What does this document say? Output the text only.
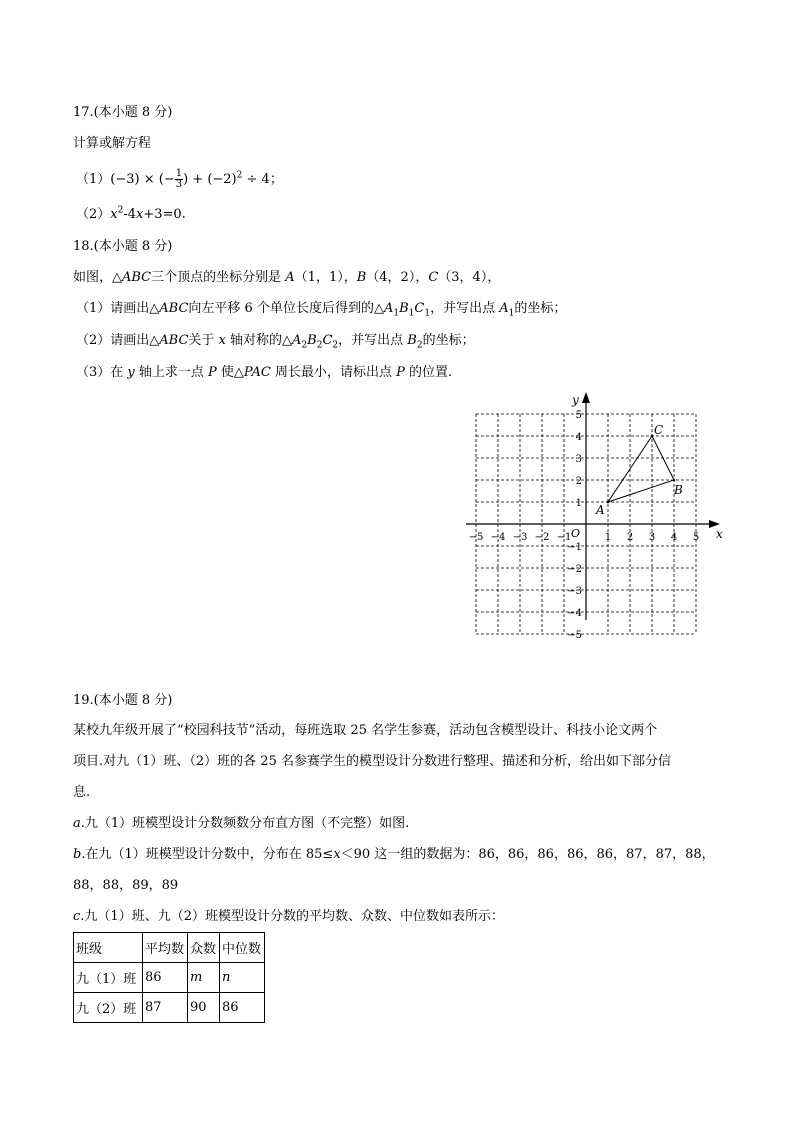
17.(本小题 8 分)
计算或解方程
（1）(−3) × (− $\frac{1}{3}$ ) + $(-2)^2 \div 4$；
$(2)x^2-4x+3=0$.
18.(本小题 8 分)
如图，△ABC三个顶点的坐标分别是 A（1，1），B（4，2），C（3，4），
（1）请画出△ABC向左平移 6 个单位长度后得到的$\triangle A_1B_1C_1$，并写出点 $A_1$的坐标；
（2）请画出△ABC关于 x 轴对称的$\triangle A_2B_2C_2$，并写出点 $B_2$的坐标；
（3）在 y 轴上求一点 P 使△PAC 周长最小，请标出点 P 的位置.
x
y
O
−5 −4 −3 −2 −1	1 2 3 4 5
5
4
3
2
1
−1
−2
−3
−4
−5
A
B
C
19.(本小题 8 分)
某校九年级开展了“校园科技节”活动，每班选取 25 名学生参赛，活动包含模型设计、科技小论文两个
项目.对九（1）班、（2）班的各 25 名参赛学生的模型设计分数进行整理、描述和分析，给出如下部分信
息.
a.九（1）班模型设计分数频数分布直方图（不完整）如图.
b.在九（1）班模型设计分数中，分布在 85≤x＜90 这一组的数据为：86，86，86，86，86，87，87，88，
88，88，89，89
c.九（1）班、九（2）班模型设计分数的平均数、众数、中位数如表所示：
班级	平均数	众数	中位数
九（1）班	86	m	n
九（2）班	87	90	86
